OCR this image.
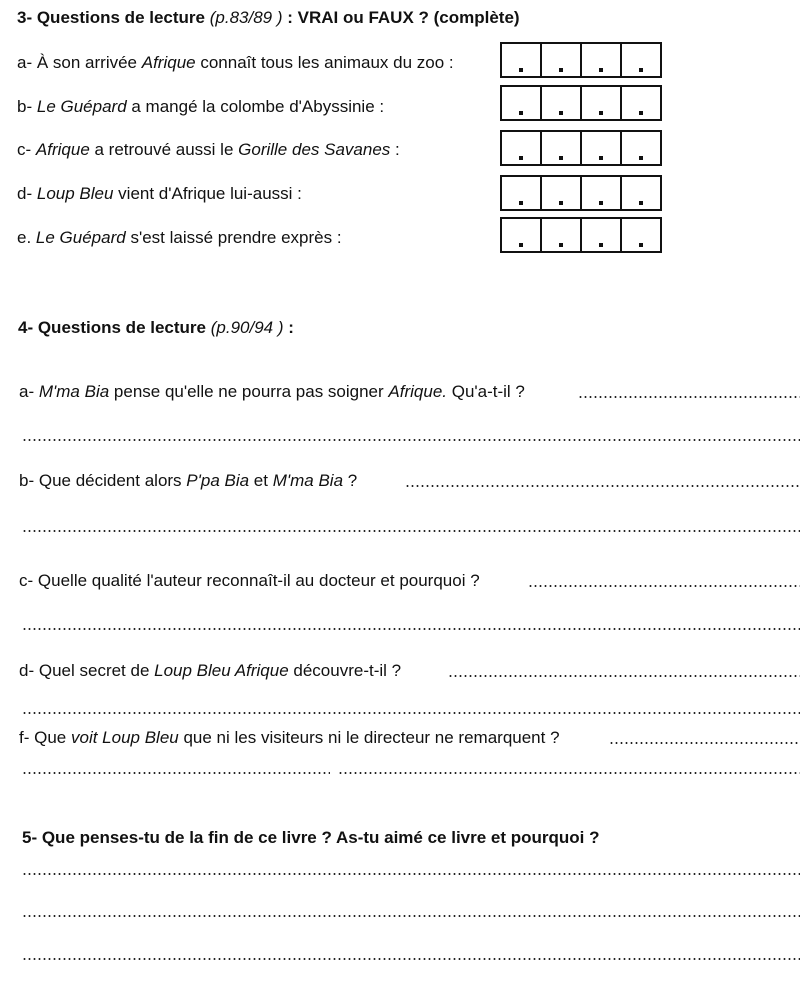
3- Questions de lecture (p.83/89 ) : VRAI ou FAUX ? (complète)
a- À son arrivée Afrique connaît tous les animaux du zoo :
b- Le Guépard a mangé la colombe d'Abyssinie :
c- Afrique a retrouvé aussi le Gorille des Savanes :
d- Loup Bleu vient d'Afrique lui-aussi :
e. Le Guépard s'est laissé prendre exprès :
4- Questions de lecture (p.90/94 ) :
a- M'ma Bia pense qu'elle ne pourra pas soigner Afrique. Qu'a-t-il ?
b- Que décident alors P'pa Bia et M'ma Bia ?
c- Quelle qualité l'auteur reconnaît-il au docteur et pourquoi ?
d- Quel secret de Loup Bleu Afrique découvre-t-il ?
f- Que voit Loup Bleu que ni les visiteurs ni le directeur ne remarquent ?
5- Que penses-tu de la fin de ce livre ? As-tu aimé ce livre et pourquoi ?
